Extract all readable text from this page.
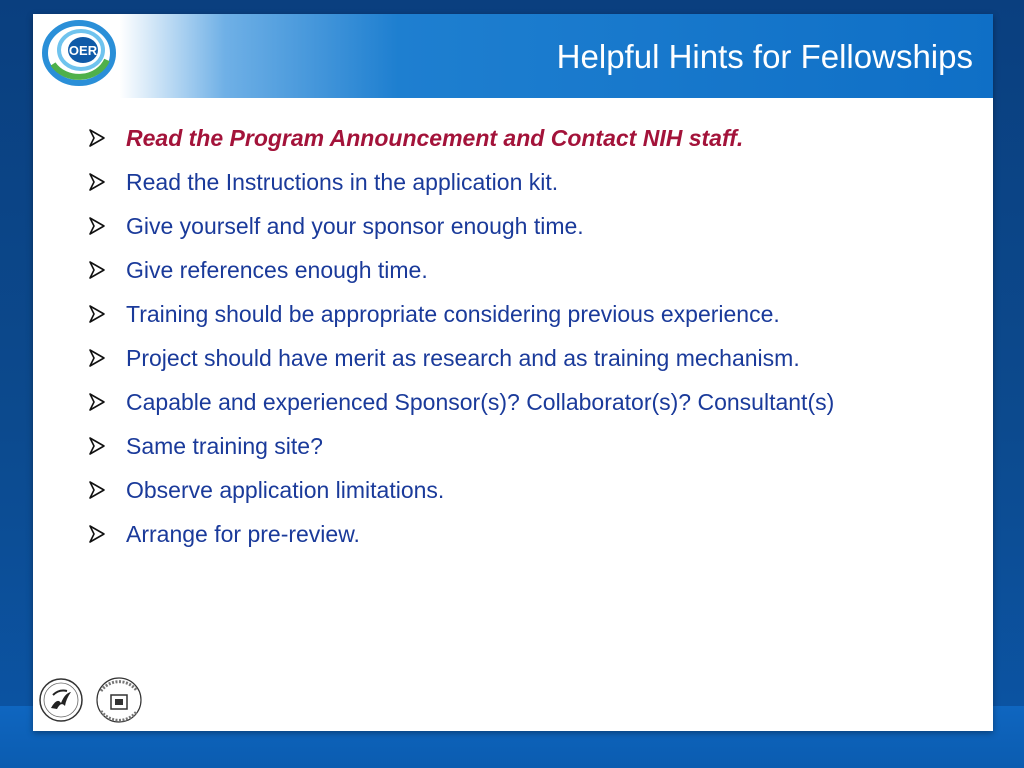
OER	Helpful Hints for Fellowships
Read the Program Announcement and Contact NIH staff.
Read the Instructions in the application kit.
Give yourself and your sponsor enough time.
Give references enough time.
Training should be appropriate considering previous experience.
Project should have merit as research and as training mechanism.
Capable and experienced Sponsor(s)? Collaborator(s)? Consultant(s)
Same training site?
Observe application limitations.
Arrange for pre-review.
